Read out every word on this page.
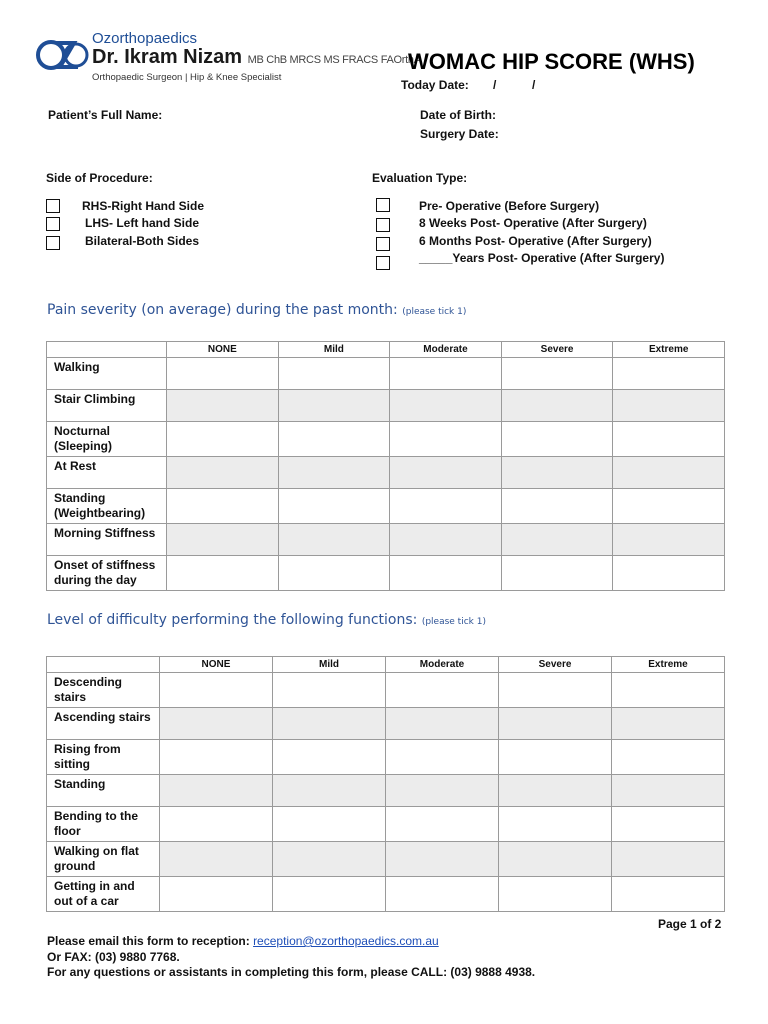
Ozorthopaedics
Dr. Ikram Nizam MB ChB MRCS MS FRACS FAOrthA
Orthopaedic Surgeon | Hip & Knee Specialist
WOMAC HIP SCORE (WHS)
Today Date: /	/
Patient’s Full Name:	Date of Birth:
Surgery Date:
Side of Procedure:
RHS-Right Hand Side
LHS- Left hand Side
Bilateral-Both Sides
Evaluation Type:
Pre- Operative (Before Surgery)
8 Weeks Post- Operative (After Surgery)
6 Months Post- Operative (After Surgery)
_____Years Post- Operative (After Surgery)
Pain severity (on average) during the past month: (please tick 1)
	NONE	Mild	Moderate	Severe	Extreme
Walking					
Stair Climbing					
Nocturnal (Sleeping)					
At Rest					
Standing (Weightbearing)					
Morning Stiffness					
Onset of stiffness during the day					
Level of difficulty performing the following functions: (please tick 1)
	NONE	Mild	Moderate	Severe	Extreme
Descending stairs					
Ascending stairs					
Rising from sitting					
Standing					
Bending to the floor					
Walking on flat ground					
Getting in and out of a car					
Page 1 of 2
Please email this form to reception: reception@ozorthopaedics.com.au
Or FAX: (03) 9880 7768.
For any questions or assistants in completing this form, please CALL: (03) 9888 4938.
